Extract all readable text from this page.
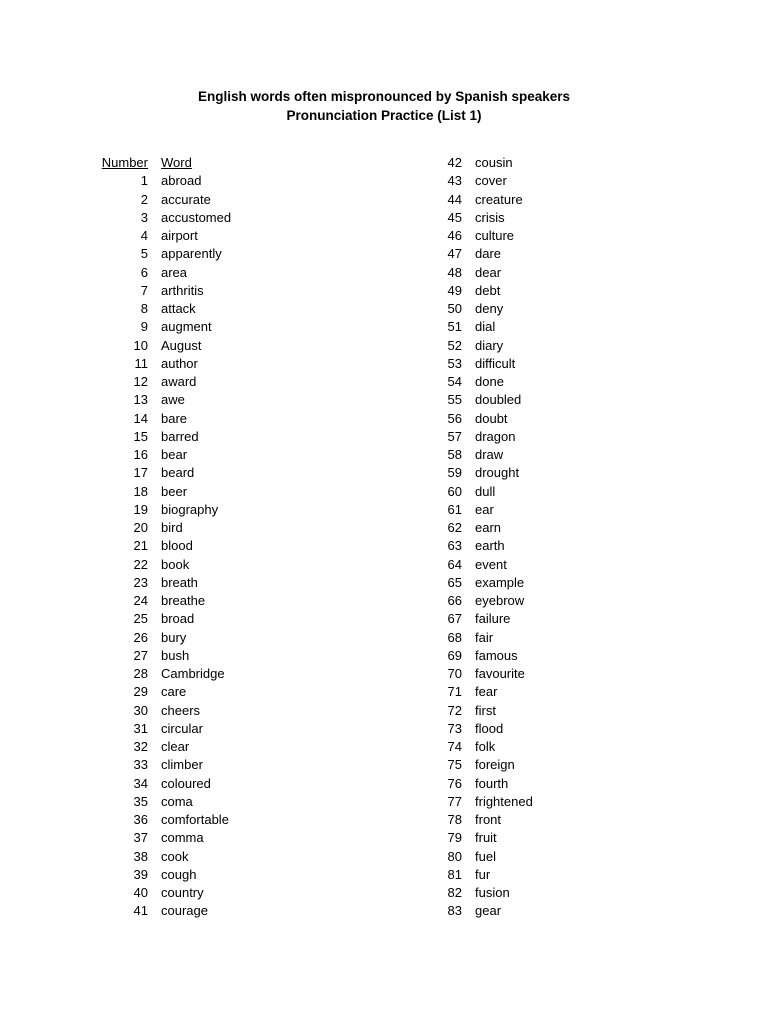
English words often mispronounced by Spanish speakers
Pronunciation Practice (List 1)
Number	Word
1	abroad
2	accurate
3	accustomed
4	airport
5	apparently
6	area
7	arthritis
8	attack
9	augment
10	August
11	author
12	award
13	awe
14	bare
15	barred
16	bear
17	beard
18	beer
19	biography
20	bird
21	blood
22	book
23	breath
24	breathe
25	broad
26	bury
27	bush
28	Cambridge
29	care
30	cheers
31	circular
32	clear
33	climber
34	coloured
35	coma
36	comfortable
37	comma
38	cook
39	cough
40	country
41	courage
42	cousin
43	cover
44	creature
45	crisis
46	culture
47	dare
48	dear
49	debt
50	deny
51	dial
52	diary
53	difficult
54	done
55	doubled
56	doubt
57	dragon
58	draw
59	drought
60	dull
61	ear
62	earn
63	earth
64	event
65	example
66	eyebrow
67	failure
68	fair
69	famous
70	favourite
71	fear
72	first
73	flood
74	folk
75	foreign
76	fourth
77	frightened
78	front
79	fruit
80	fuel
81	fur
82	fusion
83	gear
